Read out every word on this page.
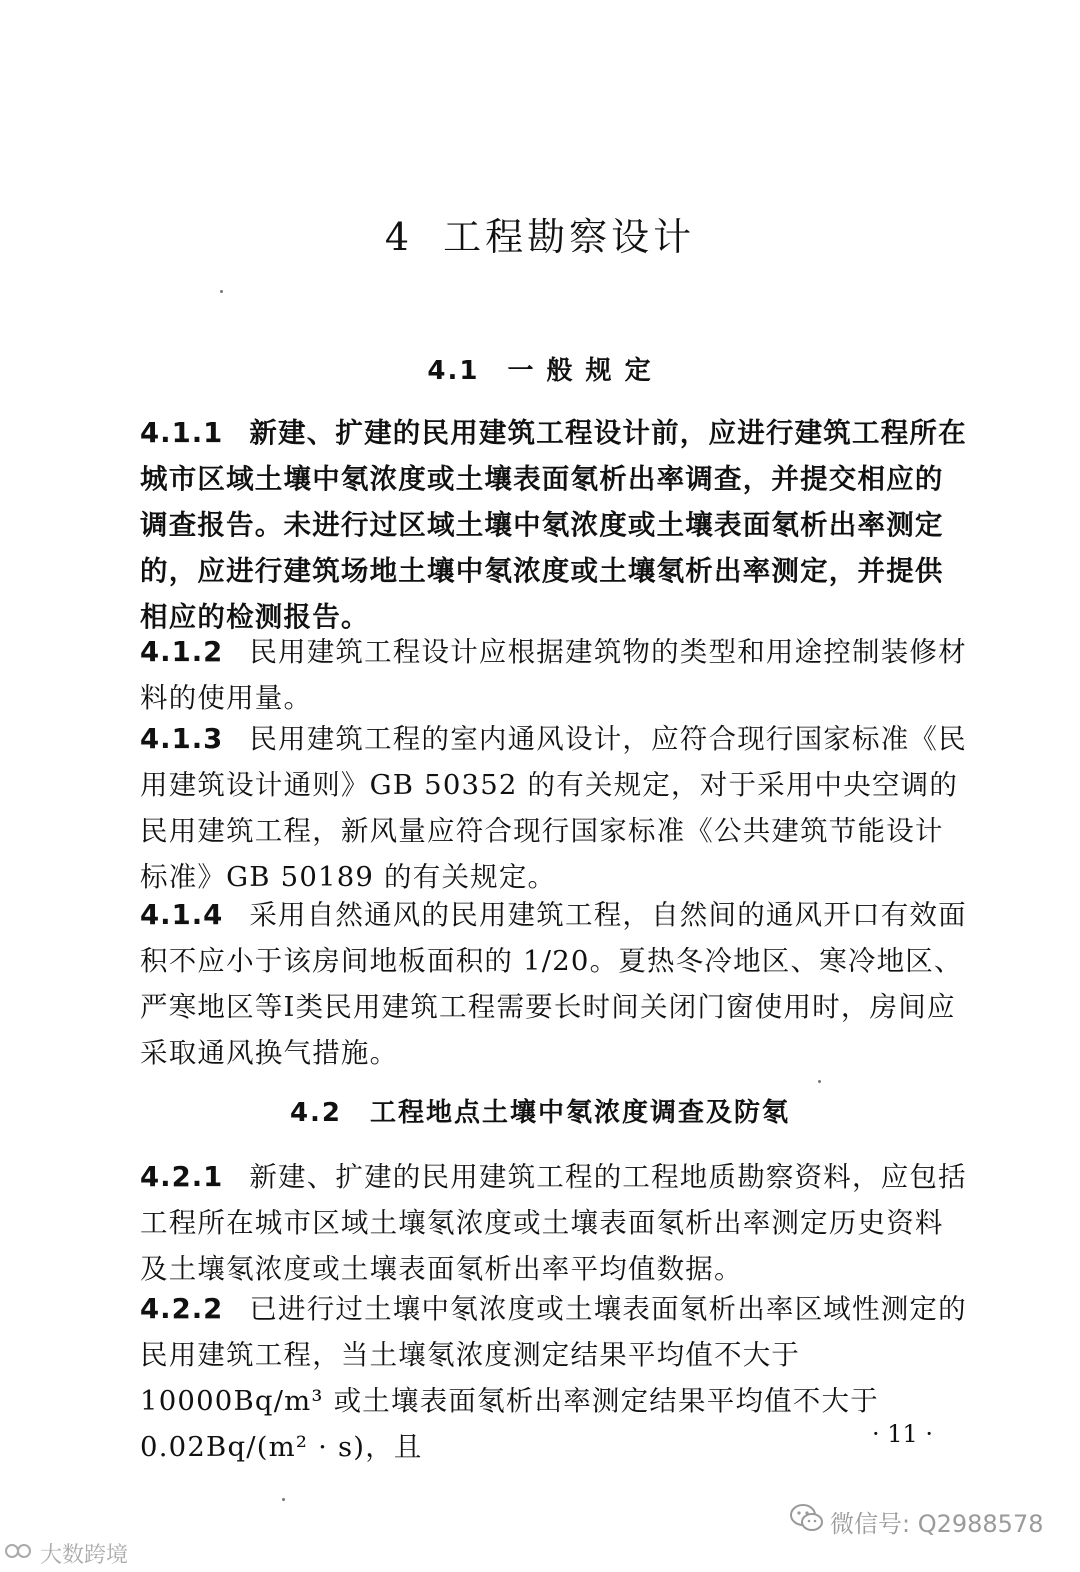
4 工程勘察设计
4.1 一 般 规 定

4.1.1 新建、扩建的民用建筑工程设计前，应进行建筑工程所在城市区域土壤中氡浓度或土壤表面氡析出率调查，并提交相应的调查报告。未进行过区域土壤中氡浓度或土壤表面氡析出率测定的，应进行建筑场地土壤中氡浓度或土壤氡析出率测定，并提供相应的检测报告。

4.1.2 民用建筑工程设计应根据建筑物的类型和用途控制装修材料的使用量。

4.1.3 民用建筑工程的室内通风设计，应符合现行国家标准《民用建筑设计通则》GB 50352 的有关规定，对于采用中央空调的民用建筑工程，新风量应符合现行国家标准《公共建筑节能设计标准》GB 50189 的有关规定。

4.1.4 采用自然通风的民用建筑工程，自然间的通风开口有效面积不应小于该房间地板面积的 1/20。夏热冬冷地区、寒冷地区、严寒地区等Ⅰ类民用建筑工程需要长时间关闭门窗使用时，房间应采取通风换气措施。

4.2 工程地点土壤中氡浓度调查及防氡

4.2.1 新建、扩建的民用建筑工程的工程地质勘察资料，应包括工程所在城市区域土壤氡浓度或土壤表面氡析出率测定历史资料及土壤氡浓度或土壤表面氡析出率平均值数据。

4.2.2 已进行过土壤中氡浓度或土壤表面氡析出率区域性测定的民用建筑工程，当土壤氡浓度测定结果平均值不大于 10000Bq/m³ 或土壤表面氡析出率测定结果平均值不大于 0.02Bq/(m² · s)，且	· 11 ·
微信号: Q2988578
大数跨境
